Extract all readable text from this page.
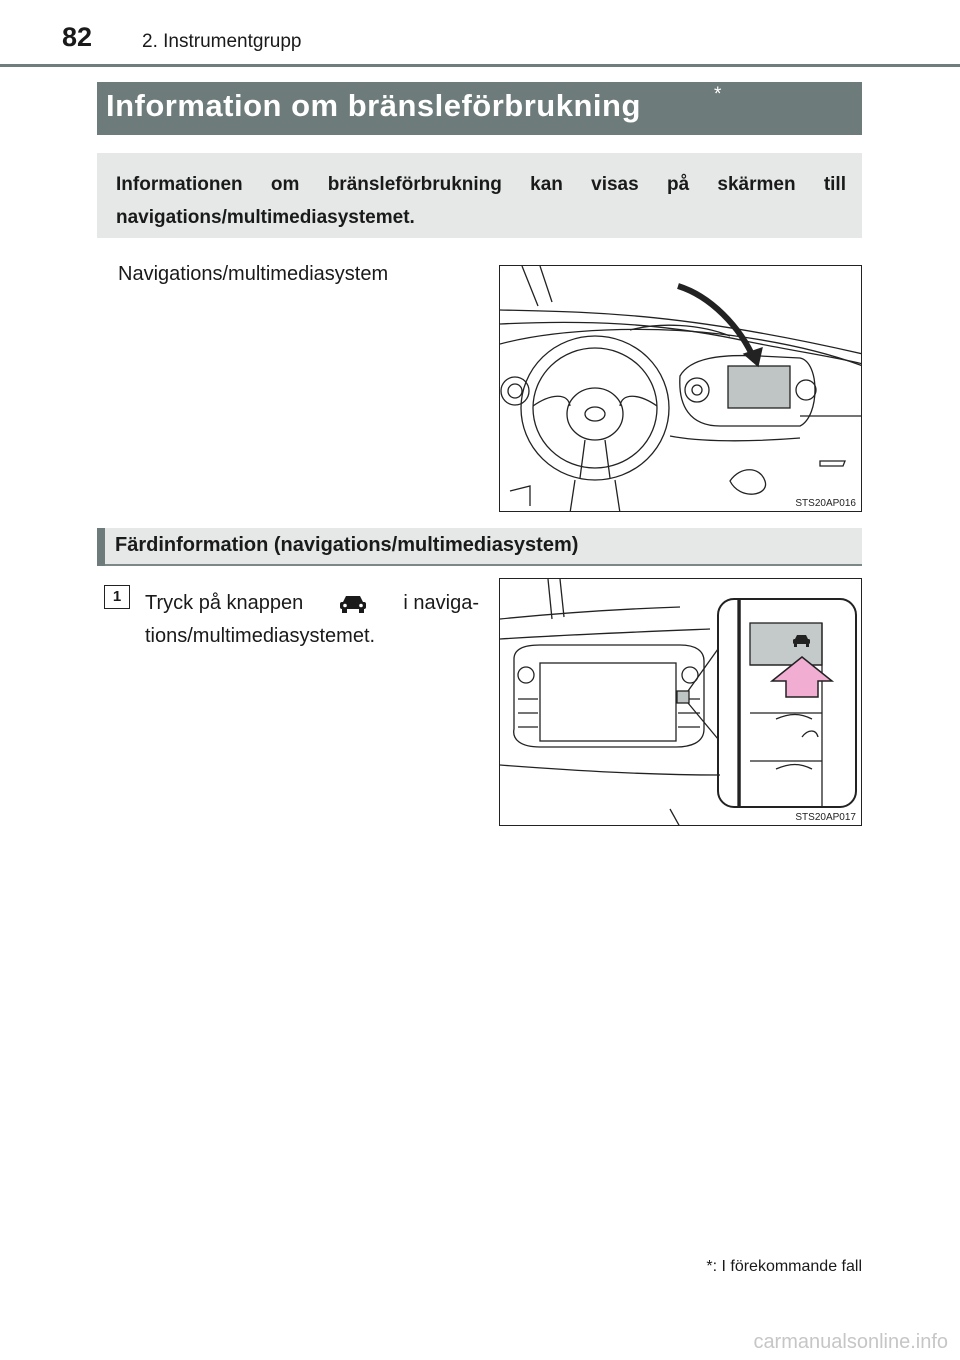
82	2. Instrumentgrupp
Information om bränsleförbrukning	*
Informationen om bränsleförbrukning kan visas på skärmen till navigations/multimediasystemet.
Navigations/multimediasystem
STS20AP016
Färdinformation (navigations/multimediasystem)
1	Tryck på knappen	i naviga-
tions/multimediasystemet.
STS20AP017
*: I förekommande fall
carmanualsonline.info
